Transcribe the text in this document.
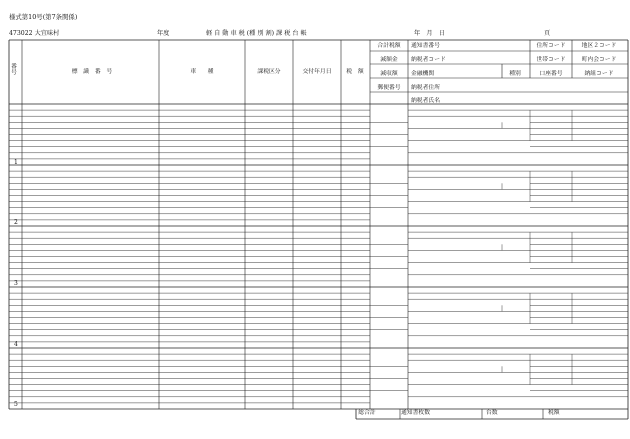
様式第10号(第7条関係)
473022 大宜味村	年度	軽 自 動 車 税 (種 別 割) 課 税 台 帳	年　月　日	頁
番号	標　識　番　号	車　　種	課税区分	交付年月日	税　額
合計税額 通知書番号	住所コード	地区２コード
減額金 納税者コード	世帯コード	町内会コード
減収額 金融機関	種別	口座番号	納組コード
郵便番号 納税者住所
納税者氏名
1
2
3
4
5
総合計	通知書枚数	台数	税額
